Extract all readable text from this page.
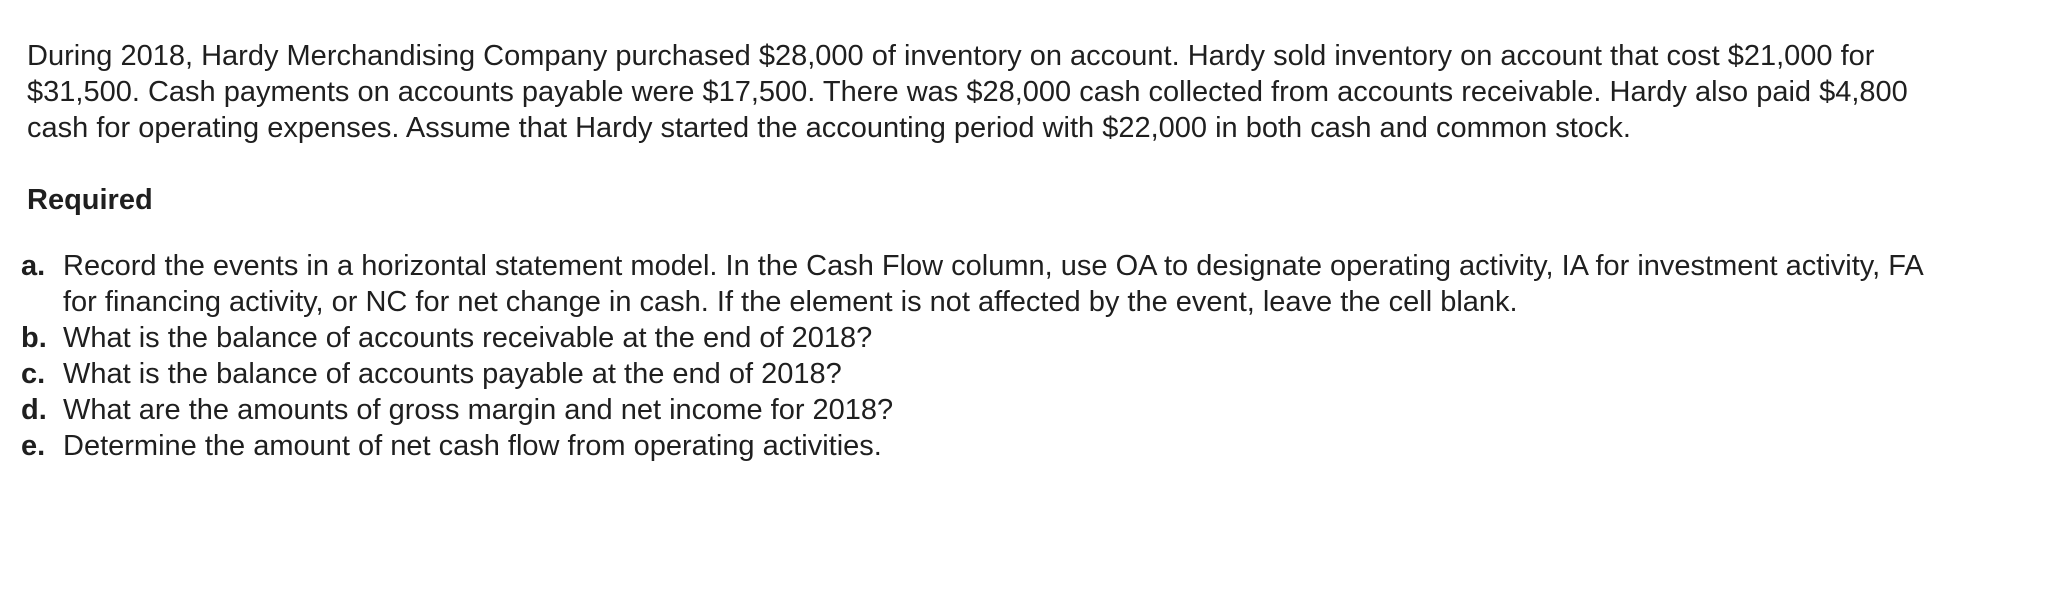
During 2018, Hardy Merchandising Company purchased $28,000 of inventory on account. Hardy sold inventory on account that cost $21,000 for $31,500. Cash payments on accounts payable were $17,500. There was $28,000 cash collected from accounts receivable. Hardy also paid $4,800 cash for operating expenses. Assume that Hardy started the accounting period with $22,000 in both cash and common stock.

Required
a. Record the events in a horizontal statement model. In the Cash Flow column, use OA to designate operating activity, IA for investment activity, FA for financing activity, or NC for net change in cash. If the element is not affected by the event, leave the cell blank.
b. What is the balance of accounts receivable at the end of 2018?
c. What is the balance of accounts payable at the end of 2018?
d. What are the amounts of gross margin and net income for 2018?
e. Determine the amount of net cash flow from operating activities.
